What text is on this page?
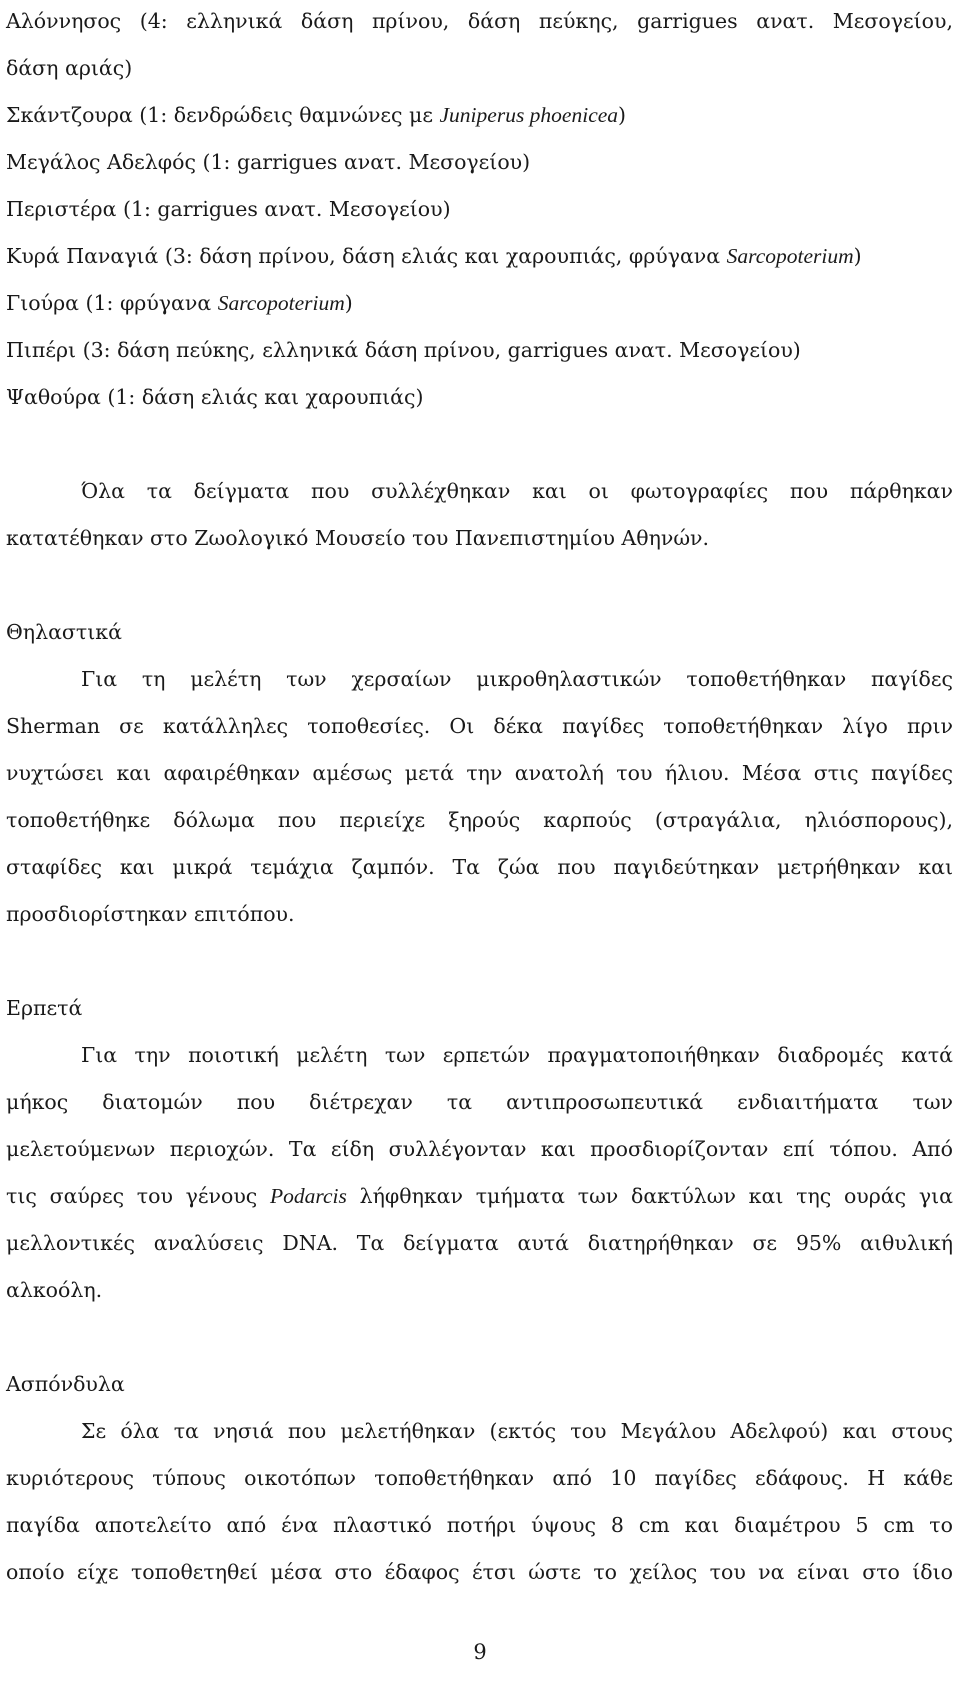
Αλόννησος (4: ελληνικά δάση πρίνου, δάση πεύκης, garrigues ανατ. Μεσογείου,
δάση αριάς)
Σκάντζουρα (1: δενδρώδεις θαμνώνες με Juniperus phoenicea)
Μεγάλος Αδελφός (1: garrigues ανατ. Μεσογείου)
Περιστέρα (1: garrigues ανατ. Μεσογείου)
Κυρά Παναγιά (3: δάση πρίνου, δάση ελιάς και χαρουπιάς, φρύγανα Sarcopoterium)
Γιούρα (1: φρύγανα Sarcopoterium)
Πιπέρι (3: δάση πεύκης, ελληνικά δάση πρίνου, garrigues ανατ. Μεσογείου)
Ψαθούρα (1: δάση ελιάς και χαρουπιάς)
Όλα τα δείγματα που συλλέχθηκαν και οι φωτογραφίες που πάρθηκαν
κατατέθηκαν στο Ζωολογικό Μουσείο του Πανεπιστημίου Αθηνών.
Θηλαστικά
Για τη μελέτη των χερσαίων μικροθηλαστικών τοποθετήθηκαν παγίδες
Sherman σε κατάλληλες τοποθεσίες. Οι δέκα παγίδες τοποθετήθηκαν λίγο πριν
νυχτώσει και αφαιρέθηκαν αμέσως μετά την ανατολή του ήλιου. Μέσα στις παγίδες
τοποθετήθηκε δόλωμα που περιείχε ξηρούς καρπούς (στραγάλια, ηλιόσπορους),
σταφίδες και μικρά τεμάχια ζαμπόν. Τα ζώα που παγιδεύτηκαν μετρήθηκαν και
προσδιορίστηκαν επιτόπου.
Ερπετά
Για την ποιοτική μελέτη των ερπετών πραγματοποιήθηκαν διαδρομές κατά
μήκος διατομών που διέτρεχαν τα αντιπροσωπευτικά ενδιαιτήματα των
μελετούμενων περιοχών. Τα είδη συλλέγονταν και προσδιορίζονταν επί τόπου. Από
τις σαύρες του γένους Podarcis λήφθηκαν τμήματα των δακτύλων και της ουράς για
μελλοντικές αναλύσεις DNA. Τα δείγματα αυτά διατηρήθηκαν σε 95% αιθυλική
αλκοόλη.
Ασπόνδυλα
Σε όλα τα νησιά που μελετήθηκαν (εκτός του Μεγάλου Αδελφού) και στους
κυριότερους τύπους οικοτόπων τοποθετήθηκαν από 10 παγίδες εδάφους. Η κάθε
παγίδα αποτελείτο από ένα πλαστικό ποτήρι ύψους 8 cm και διαμέτρου 5 cm το
οποίο είχε τοποθετηθεί μέσα στο έδαφος έτσι ώστε το χείλος του να είναι στο ίδιο
9
